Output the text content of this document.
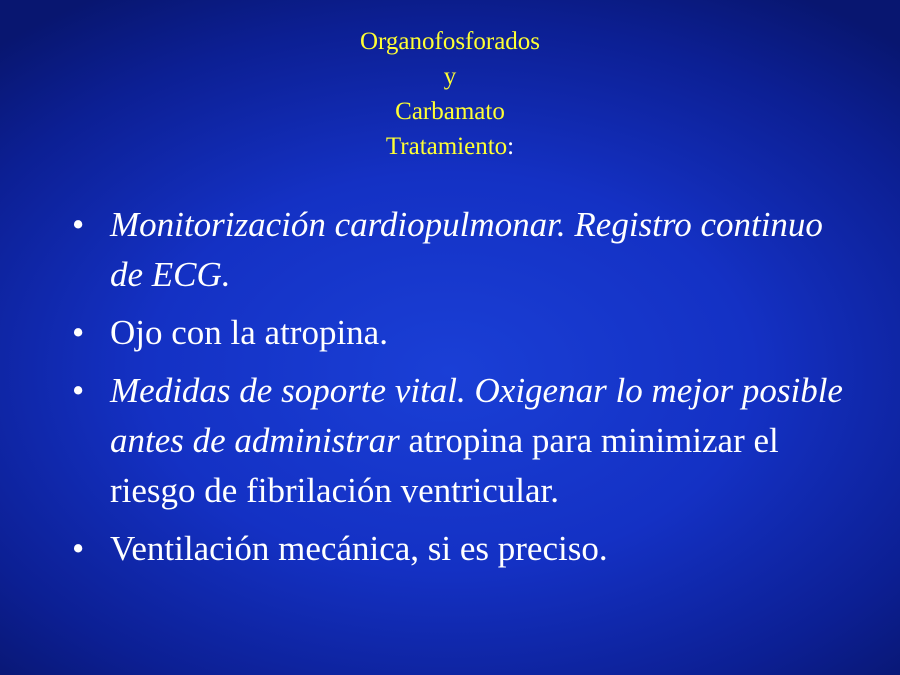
Organofosforados
y
Carbamato
Tratamiento:
• Monitorización cardiopulmonar. Registro continuo de ECG.
• Ojo con la atropina.
• Medidas de soporte vital. Oxigenar lo mejor posible antes de administrar atropina para minimizar el riesgo de fibrilación ventricular.
• Ventilación mecánica, si es preciso.
